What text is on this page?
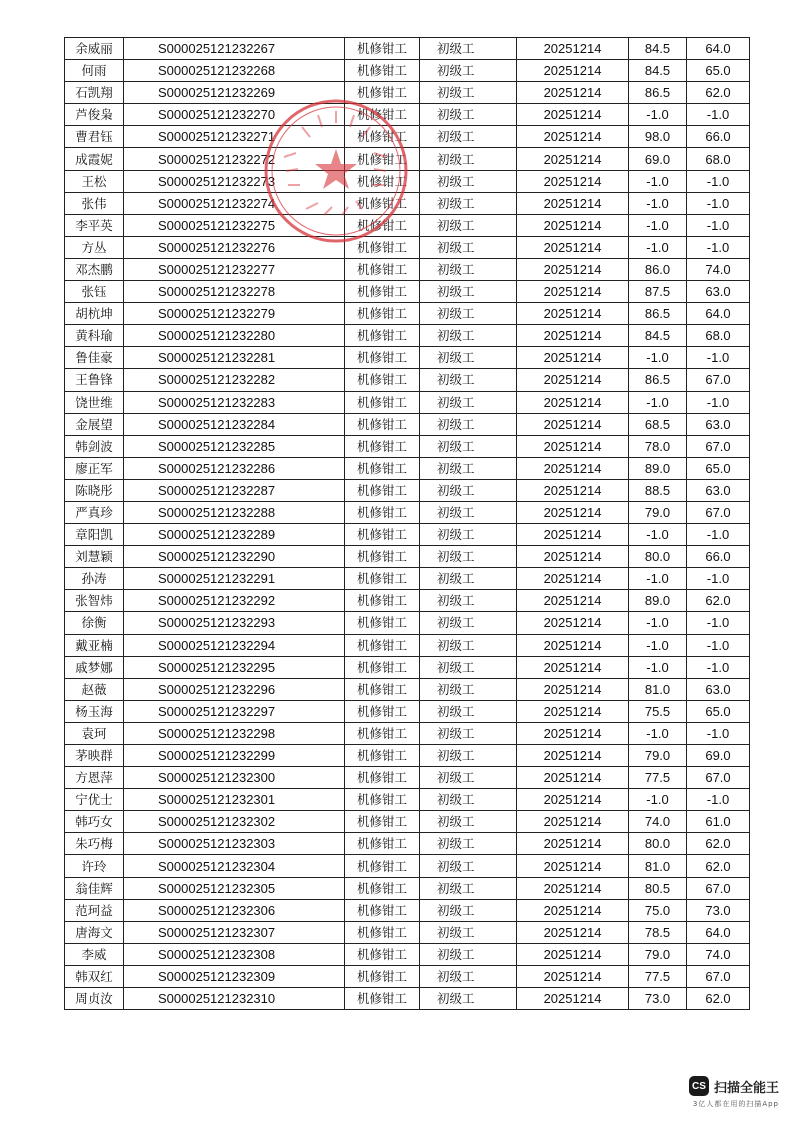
余威丽	S000025121232267	机修钳工	初级工	20251214	84.5	64.0
何雨	S000025121232268	机修钳工	初级工	20251214	84.5	65.0
石凯翔	S000025121232269	机修钳工	初级工	20251214	86.5	62.0
芦俊枭	S000025121232270	机修钳工	初级工	20251214	-1.0	-1.0
曹君钰	S000025121232271	机修钳工	初级工	20251214	98.0	66.0
成霞妮	S000025121232272	机修钳工	初级工	20251214	69.0	68.0
王松	S000025121232273	机修钳工	初级工	20251214	-1.0	-1.0
张伟	S000025121232274	机修钳工	初级工	20251214	-1.0	-1.0
李平英	S000025121232275	机修钳工	初级工	20251214	-1.0	-1.0
方丛	S000025121232276	机修钳工	初级工	20251214	-1.0	-1.0
邓杰鹏	S000025121232277	机修钳工	初级工	20251214	86.0	74.0
张钰	S000025121232278	机修钳工	初级工	20251214	87.5	63.0
胡杭坤	S000025121232279	机修钳工	初级工	20251214	86.5	64.0
黄科瑜	S000025121232280	机修钳工	初级工	20251214	84.5	68.0
鲁佳豪	S000025121232281	机修钳工	初级工	20251214	-1.0	-1.0
王鲁锋	S000025121232282	机修钳工	初级工	20251214	86.5	67.0
饶世维	S000025121232283	机修钳工	初级工	20251214	-1.0	-1.0
金展望	S000025121232284	机修钳工	初级工	20251214	68.5	63.0
韩剑波	S000025121232285	机修钳工	初级工	20251214	78.0	67.0
廖正军	S000025121232286	机修钳工	初级工	20251214	89.0	65.0
陈晓彤	S000025121232287	机修钳工	初级工	20251214	88.5	63.0
严真珍	S000025121232288	机修钳工	初级工	20251214	79.0	67.0
章阳凯	S000025121232289	机修钳工	初级工	20251214	-1.0	-1.0
刘慧颖	S000025121232290	机修钳工	初级工	20251214	80.0	66.0
孙涛	S000025121232291	机修钳工	初级工	20251214	-1.0	-1.0
张智炜	S000025121232292	机修钳工	初级工	20251214	89.0	62.0
徐衡	S000025121232293	机修钳工	初级工	20251214	-1.0	-1.0
戴亚楠	S000025121232294	机修钳工	初级工	20251214	-1.0	-1.0
戚梦娜	S000025121232295	机修钳工	初级工	20251214	-1.0	-1.0
赵薇	S000025121232296	机修钳工	初级工	20251214	81.0	63.0
杨玉海	S000025121232297	机修钳工	初级工	20251214	75.5	65.0
袁珂	S000025121232298	机修钳工	初级工	20251214	-1.0	-1.0
茅映群	S000025121232299	机修钳工	初级工	20251214	79.0	69.0
方恩萍	S000025121232300	机修钳工	初级工	20251214	77.5	67.0
宁优士	S000025121232301	机修钳工	初级工	20251214	-1.0	-1.0
韩巧女	S000025121232302	机修钳工	初级工	20251214	74.0	61.0
朱巧梅	S000025121232303	机修钳工	初级工	20251214	80.0	62.0
许玲	S000025121232304	机修钳工	初级工	20251214	81.0	62.0
翁佳辉	S000025121232305	机修钳工	初级工	20251214	80.5	67.0
范珂益	S000025121232306	机修钳工	初级工	20251214	75.0	73.0
唐海文	S000025121232307	机修钳工	初级工	20251214	78.5	64.0
李威	S000025121232308	机修钳工	初级工	20251214	79.0	74.0
韩双红	S000025121232309	机修钳工	初级工	20251214	77.5	67.0
周贞汝	S000025121232310	机修钳工	初级工	20251214	73.0	62.0
CS 扫描全能王
3亿人都在用的扫描App
